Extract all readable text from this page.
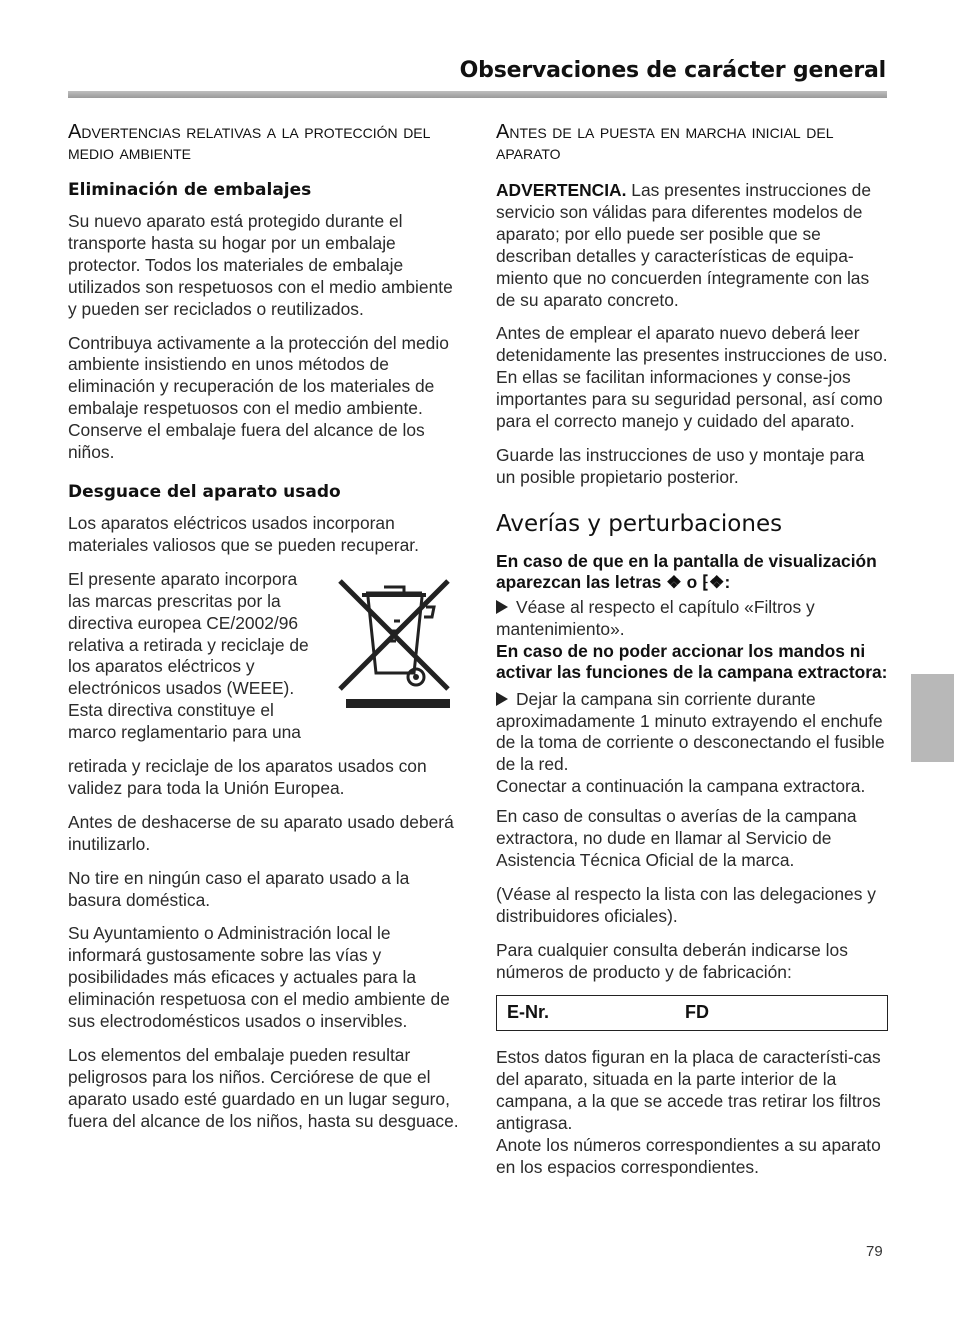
Observaciones de carácter general
Advertencias relativas a la protección del medio ambiente
Eliminación de embalajes

Su nuevo aparato está protegido durante el transporte hasta su hogar por un embalaje protector. Todos los materiales de embalaje utilizados son respetuosos con el medio ambiente y pueden ser reciclados o reutilizados.

Contribuya activamente a la protección del medio ambiente insistiendo en unos métodos de eliminación y recuperación de los materiales de embalaje respetuosos con el medio ambiente. Conserve el embalaje fuera del alcance de los niños.

Desguace del aparato usado

Los aparatos eléctricos usados incorporan materiales valiosos que se pueden recuperar.

El presente aparato incorpora las marcas prescritas por la directiva europea CE/2002/96 relativa a retirada y reciclaje de los aparatos eléctricos y electrónicos usados (WEEE). Esta directiva constituye el marco reglamentario para una

retirada y reciclaje de los aparatos usados con validez para toda la Unión Europea.

Antes de deshacerse de su aparato usado deberá inutilizarlo.

No tire en ningún caso el aparato usado a la basura doméstica.

Su Ayuntamiento o Administración local le informará gustosamente sobre las vías y posibilidades más eficaces y actuales para la eliminación respetuosa con el medio ambiente de sus electrodomésticos usados o inservibles.

Los elementos del embalaje pueden resultar peligrosos para los niños. Cerciórese de que el aparato usado esté guardado en un lugar seguro, fuera del alcance de los niños, hasta su desguace.

Antes de la puesta en marcha inicial del aparato

ADVERTENCIA. Las presentes instrucciones de servicio son válidas para diferentes modelos de aparato; por ello puede ser posible que se describan detalles y características de equipa-miento que no concuerden íntegramente con las de su aparato concreto.

Antes de emplear el aparato nuevo deberá leer detenidamente las presentes instrucciones de uso. En ellas se facilitan informaciones y conse-jos importantes para su seguridad personal, así como para el correcto manejo y cuidado del aparato.

Guarde las instrucciones de uso y montaje para un posible propietario posterior.

Averías y perturbaciones

En caso de que en la pantalla de visualización aparezcan las letras ❖ o ⁅❖:

Véase al respecto el capítulo «Filtros y mantenimiento».

En caso de no poder accionar los mandos ni activar las funciones de la campana extractora:

Dejar la campana sin corriente durante aproximadamente 1 minuto extrayendo el enchufe de la toma de corriente o desconectando el fusible de la red.

Conectar a continuación la campana extractora.

En caso de consultas o averías de la campana extractora, no dude en llamar al Servicio de Asistencia Técnica Oficial de la marca.

(Véase al respecto la lista con las delegaciones y distribuidores oficiales).

Para cualquier consulta deberán indicarse los números de producto y de fabricación:

E-Nr.	FD

Estos datos figuran en la placa de característi-cas del aparato, situada en la parte interior de la campana, a la que se accede tras retirar los filtros antigrasa.

Anote los números correspondientes a su aparato en los espacios correspondientes.

79
